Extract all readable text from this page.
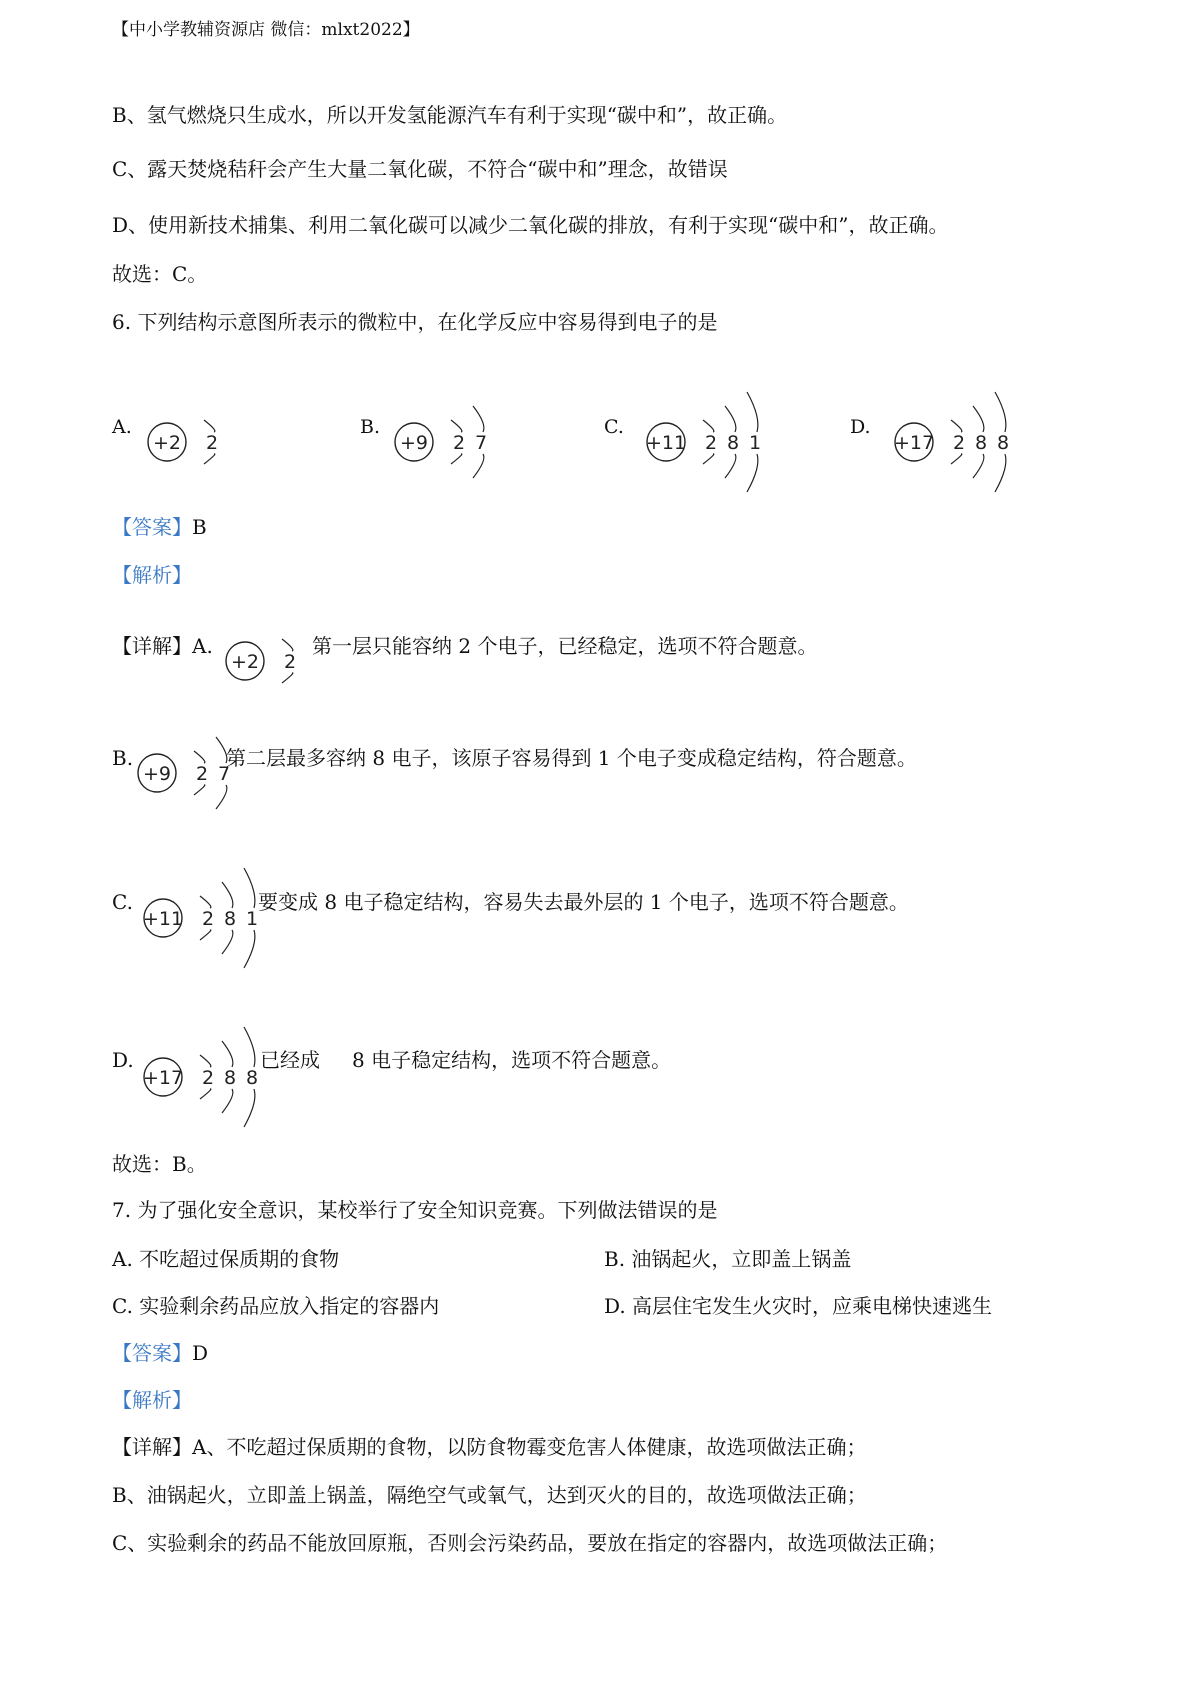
【中小学教辅资源店 微信：mlxt2022】
B、氢气燃烧只生成水，所以开发氢能源汽车有利于实现“碳中和”，故正确。
C、露天焚烧秸秆会产生大量二氧化碳，不符合“碳中和”理念，故错误
D、使用新技术捕集、利用二氧化碳可以减少二氧化碳的排放，有利于实现“碳中和”，故正确。
故选：C。
6. 下列结构示意图所表示的微粒中，在化学反应中容易得到电子的是
A.
+2 2
B.
+9 2 7
C.
+11 2 8 1
D.
+17 2 8 8
【答案】B
【解析】
【详解】A.
+2 2
第一层只能容纳 2 个电子，已经稳定，选项不符合题意。
B.
+9 2 7
第二层最多容纳 8 电子，该原子容易得到 1 个电子变成稳定结构，符合题意。
C.
+11 2 8 1
要变成 8 电子稳定结构，容易失去最外层的 1 个电子，选项不符合题意。
D.
+17 2 8 8
已经成 8 电子稳定结构，选项不符合题意。
故选：B。
7. 为了强化安全意识，某校举行了安全知识竞赛。下列做法错误的是
A. 不吃超过保质期的食物	B. 油锅起火，立即盖上锅盖
C. 实验剩余药品应放入指定的容器内	D. 高层住宅发生火灾时，应乘电梯快速逃生
【答案】D
【解析】
【详解】A、不吃超过保质期的食物，以防食物霉变危害人体健康，故选项做法正确；
B、油锅起火，立即盖上锅盖，隔绝空气或氧气，达到灭火的目的，故选项做法正确；
C、实验剩余的药品不能放回原瓶，否则会污染药品，要放在指定的容器内，故选项做法正确；
